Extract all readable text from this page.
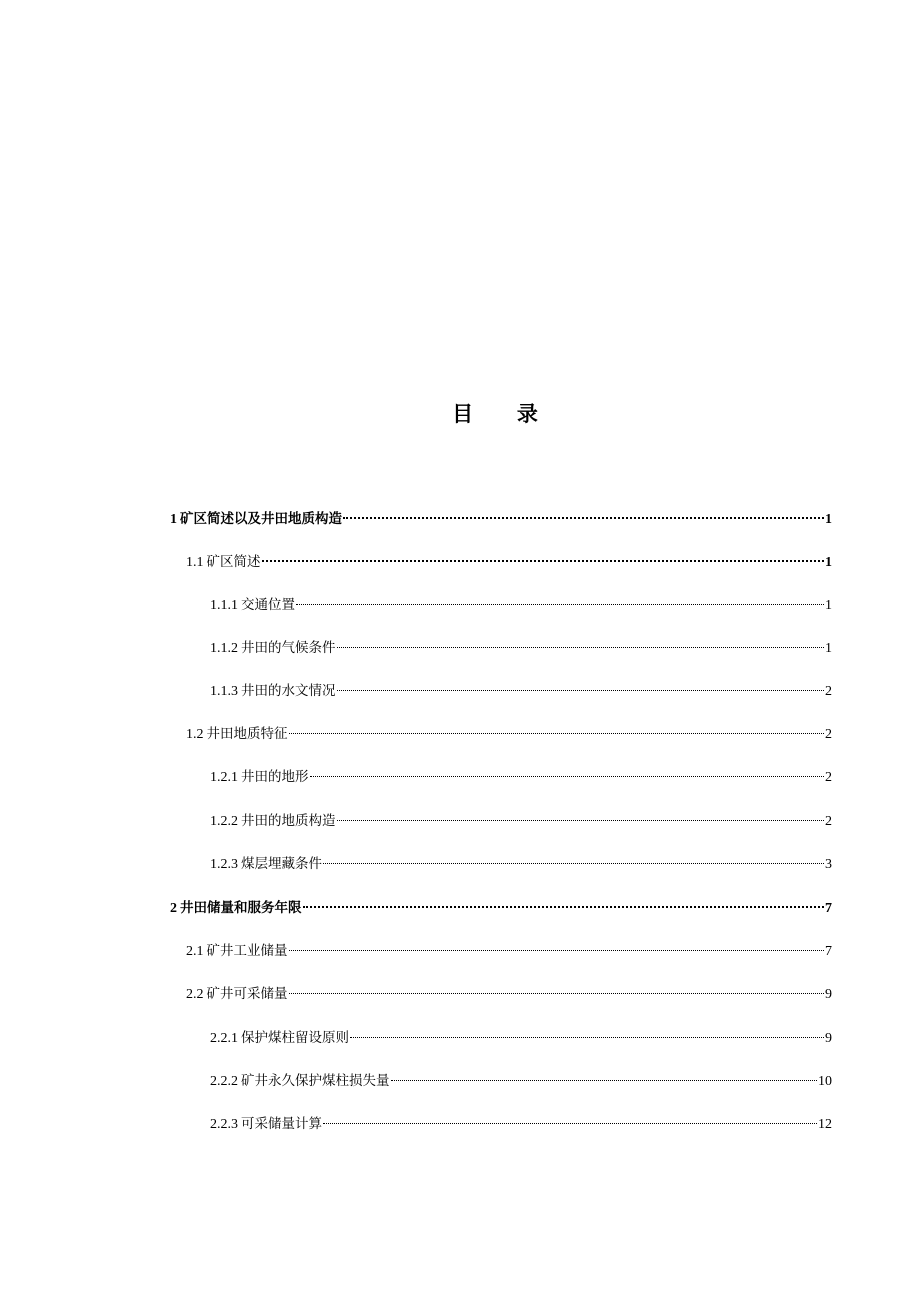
目      录
1 矿区简述以及井田地质构造	1
1.1 矿区简述	1
1.1.1 交通位置	1
1.1.2 井田的气候条件	1
1.1.3 井田的水文情况	2
1.2 井田地质特征	2
1.2.1 井田的地形	2
1.2.2 井田的地质构造	2
1.2.3 煤层埋藏条件	3
2 井田储量和服务年限	7
2.1 矿井工业储量	7
2.2 矿井可采储量	9
2.2.1 保护煤柱留设原则	9
2.2.2 矿井永久保护煤柱损失量	10
2.2.3 可采储量计算	12
